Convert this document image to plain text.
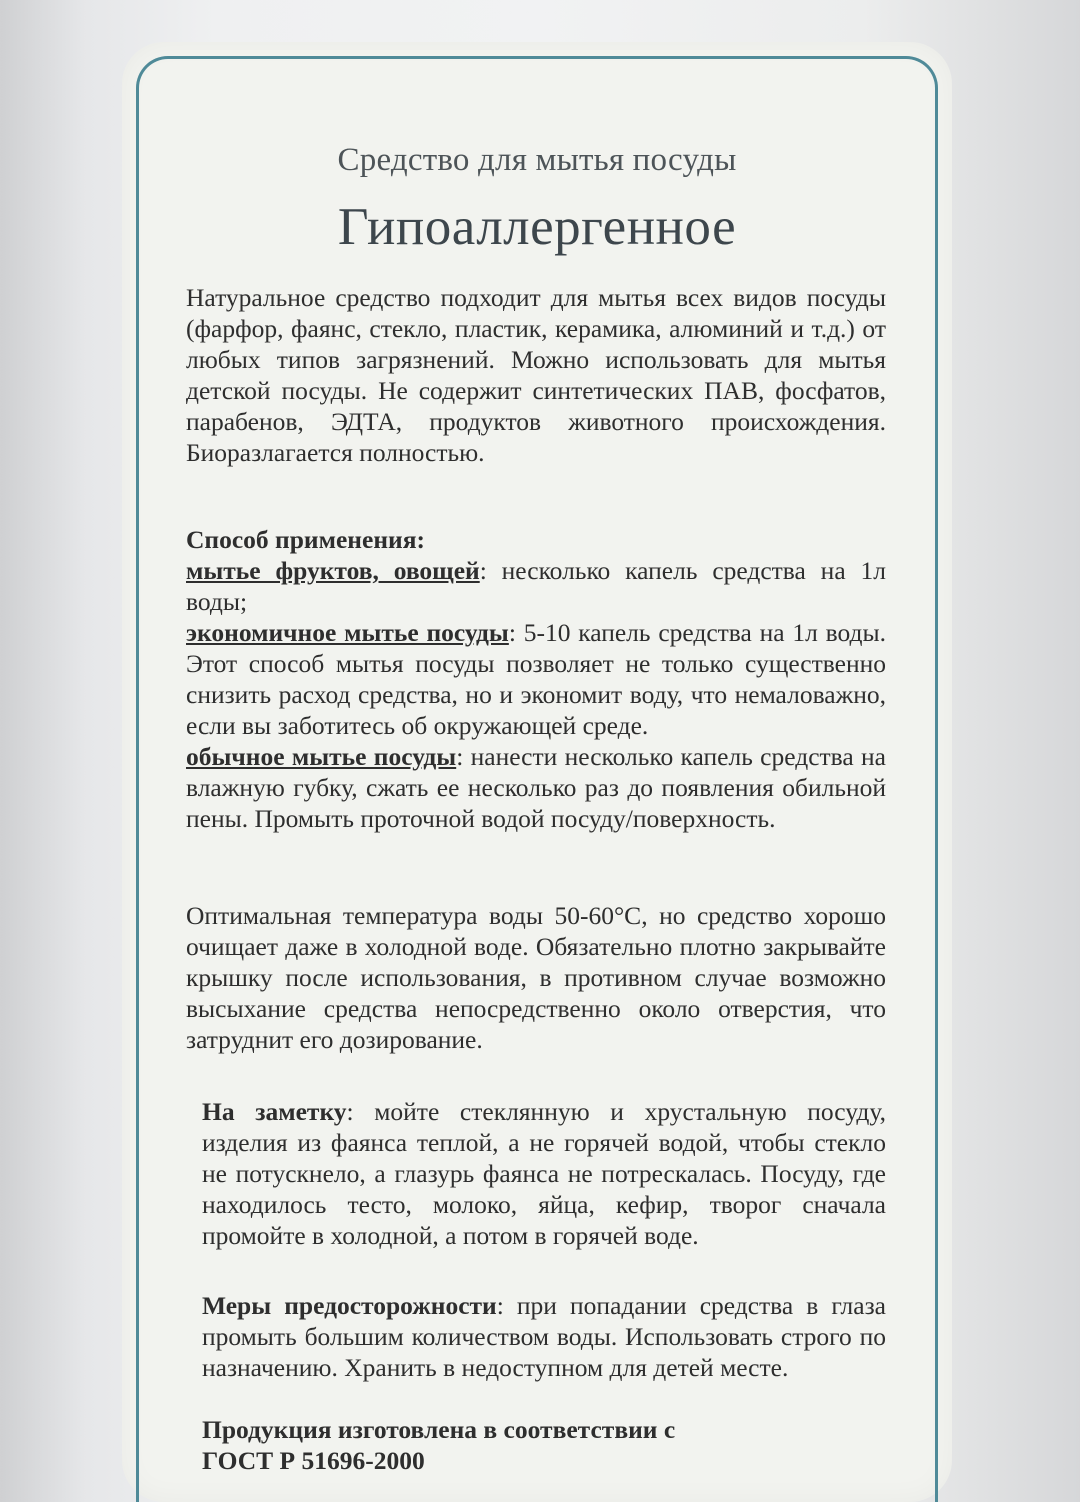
Средство для мытья посуды
Гипоаллергенное

Натуральное средство подходит для мытья всех видов посуды (фарфор, фаянс, стекло, пластик, керамика, алюминий и т.д.) от любых типов загрязнений. Можно использовать для мытья детской посуды. Не содержит синтетических ПАВ, фосфатов, парабенов, ЭДТА, продуктов животного происхождения. Биоразлагается полностью.

Способ применения:

мытье фруктов, овощей: несколько капель средства на 1л воды;

экономичное мытье посуды: 5-10 капель средства на 1л воды. Этот способ мытья посуды позволяет не только существенно снизить расход средства, но и экономит воду, что немаловажно, если вы заботитесь об окружающей среде.

обычное мытье посуды: нанести несколько капель средства на влажную губку, сжать ее несколько раз до появления обильной пены. Промыть проточной водой посуду/поверхность.

Оптимальная температура воды 50-60°С, но средство хорошо очищает даже в холодной воде. Обязательно плотно закрывайте крышку после использования, в противном случае возможно высыхание средства непосредственно около отверстия, что затруднит его дозирование.

На заметку: мойте стеклянную и хрустальную посуду, изделия из фаянса теплой, а не горячей водой, чтобы стекло не потускнело, а глазурь фаянса не потрескалась. Посуду, где находилось тесто, молоко, яйца, кефир, творог сначала промойте в холодной, а потом в горячей воде.

Меры предосторожности: при попадании средства в глаза промыть большим количеством воды. Использовать строго по назначению. Хранить в недоступном для детей месте.

Продукция изготовлена в соответствии с
ГОСТ Р 51696-2000
